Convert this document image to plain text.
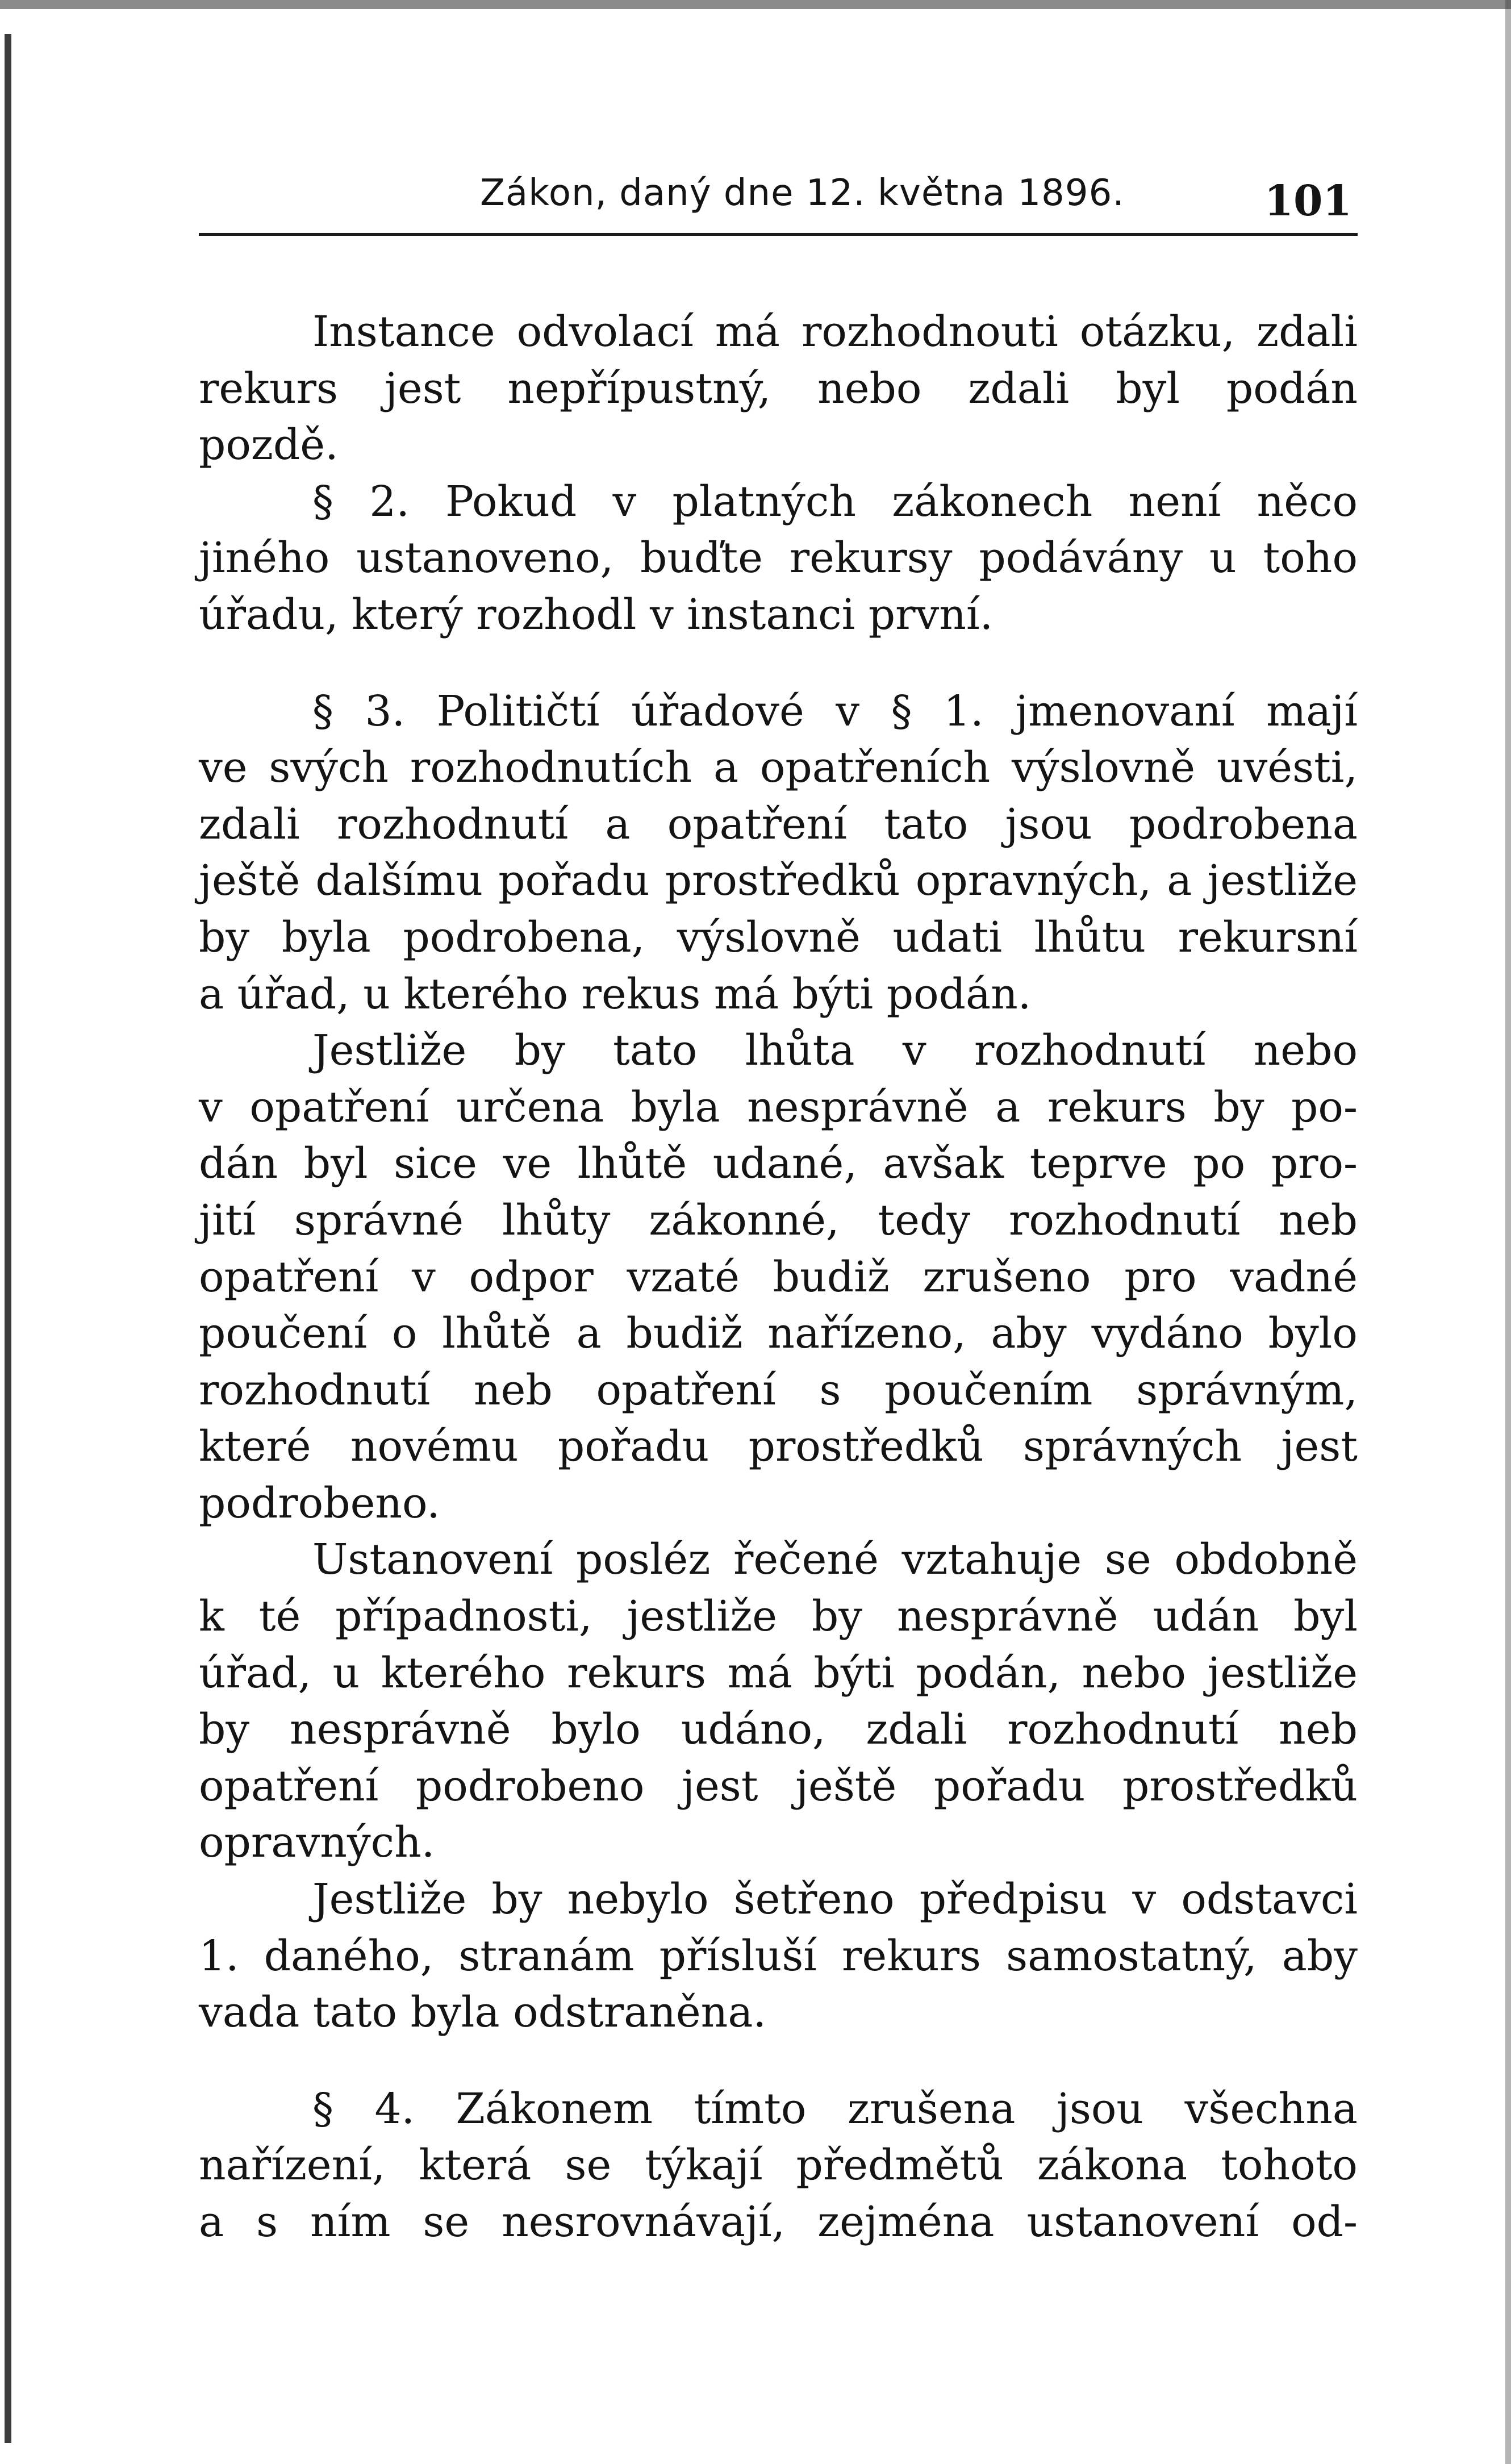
Zákon, daný dne 12. května 1896.	101
Instance odvolací má rozhodnouti otázku, zdali
rekurs jest nepřípustný, nebo zdali byl podán
pozdě.
§ 2. Pokud v platných zákonech není něco
jiného ustanoveno, buďte rekursy podávány u toho
úřadu, který rozhodl v instanci první.
§ 3. Političtí úřadové v § 1. jmenovaní mají
ve svých rozhodnutích a opatřeních výslovně uvésti,
zdali rozhodnutí a opatření tato jsou podrobena
ještě dalšímu pořadu prostředků opravných, a jestliže
by byla podrobena, výslovně udati lhůtu rekursní
a úřad, u kterého rekus má býti podán.
Jestliže by tato lhůta v rozhodnutí nebo
v opatření určena byla nesprávně a rekurs by po-
dán byl sice ve lhůtě udané, avšak teprve po pro-
jití správné lhůty zákonné, tedy rozhodnutí neb
opatření v odpor vzaté budiž zrušeno pro vadné
poučení o lhůtě a budiž nařízeno, aby vydáno bylo
rozhodnutí neb opatření s poučením správným,
které novému pořadu prostředků správných jest
podrobeno.
Ustanovení posléz řečené vztahuje se obdobně
k té případnosti, jestliže by nesprávně udán byl
úřad, u kterého rekurs má býti podán, nebo jestliže
by nesprávně bylo udáno, zdali rozhodnutí neb
opatření podrobeno jest ještě pořadu prostředků
opravných.
Jestliže by nebylo šetřeno předpisu v odstavci
1. daného, stranám přísluší rekurs samostatný, aby
vada tato byla odstraněna.
§ 4. Zákonem tímto zrušena jsou všechna
nařízení, která se týkají předmětů zákona tohoto
a s ním se nesrovnávají, zejména ustanovení od-
